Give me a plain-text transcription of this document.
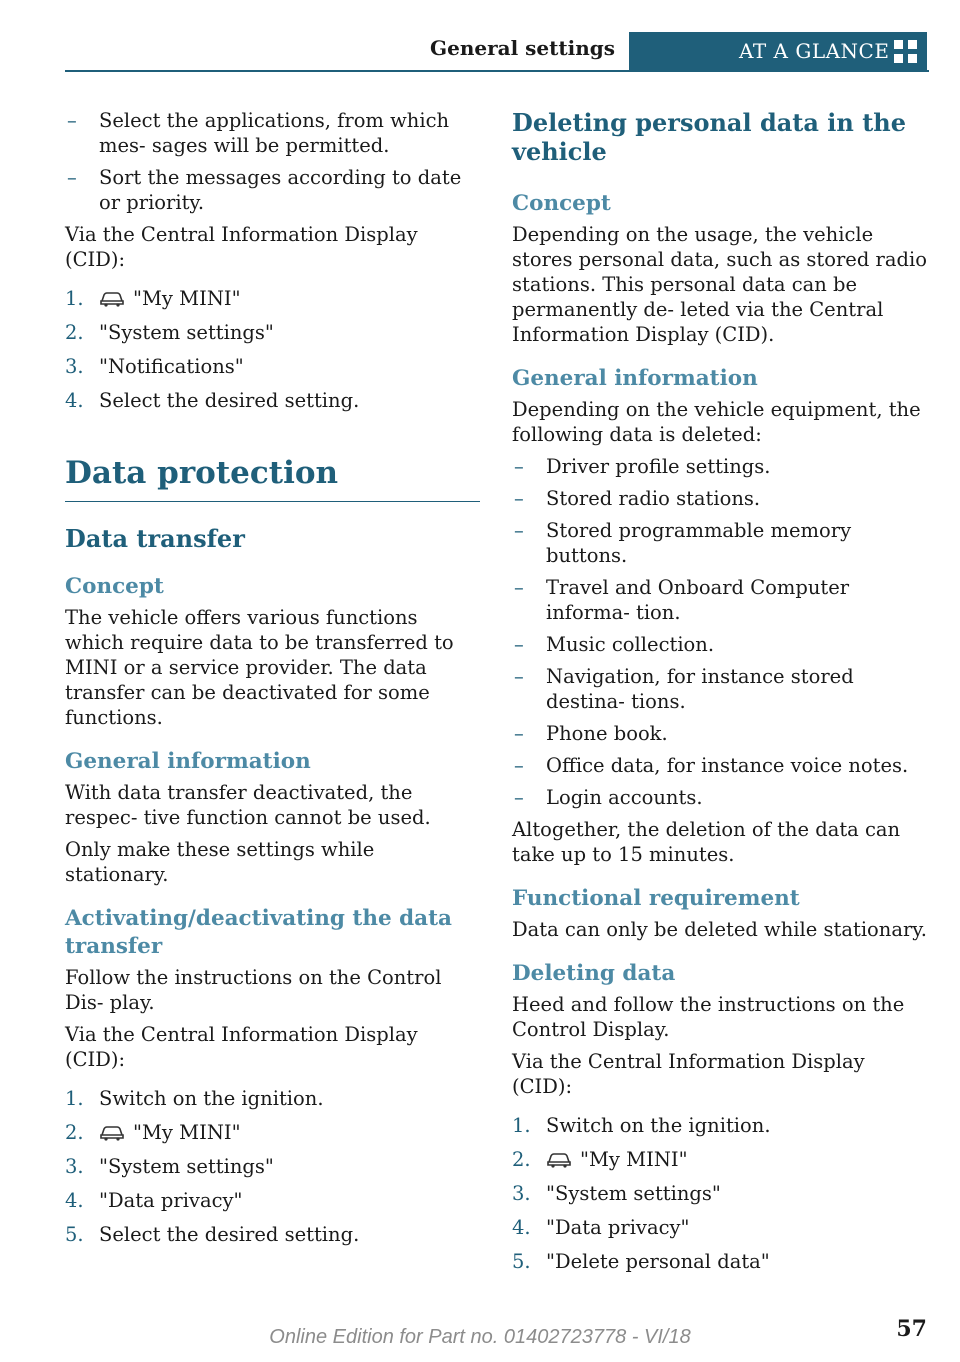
General settings	AT A GLANCE
– Select the applications, from which mes- sages will be permitted.
– Sort the messages according to date or priority.

Via the Central Information Display (CID):

1.	"My MINI"
2. "System settings"
3. "Notifications"
4. Select the desired setting.
Data protection
Data transfer
Concept

The vehicle offers various functions which require data to be transferred to MINI or a service provider. The data transfer can be deactivated for some functions.

General information

With data transfer deactivated, the respec- tive function cannot be used.

Only make these settings while stationary.

Activating/deactivating the data transfer

Follow the instructions on the Control Dis- play.

Via the Central Information Display (CID):

1. Switch on the ignition.
2.	"My MINI"
3. "System settings"
4. "Data privacy"
5. Select the desired setting.
Deleting personal data in the vehicle
Concept

Depending on the usage, the vehicle stores personal data, such as stored radio stations. This personal data can be permanently de- leted via the Central Information Display (CID).

General information

Depending on the vehicle equipment, the following data is deleted:

– Driver profile settings.
– Stored radio stations.
– Stored programmable memory buttons.
– Travel and Onboard Computer informa- tion.
– Music collection.
– Navigation, for instance stored destina- tions.
– Phone book.
– Office data, for instance voice notes.
– Login accounts.

Altogether, the deletion of the data can take up to 15 minutes.

Functional requirement

Data can only be deleted while stationary.

Deleting data

Heed and follow the instructions on the Control Display.

Via the Central Information Display (CID):

1. Switch on the ignition.
2.	"My MINI"
3. "System settings"
4. "Data privacy"
5. "Delete personal data"
57
Online Edition for Part no. 01402723778 - VI/18
